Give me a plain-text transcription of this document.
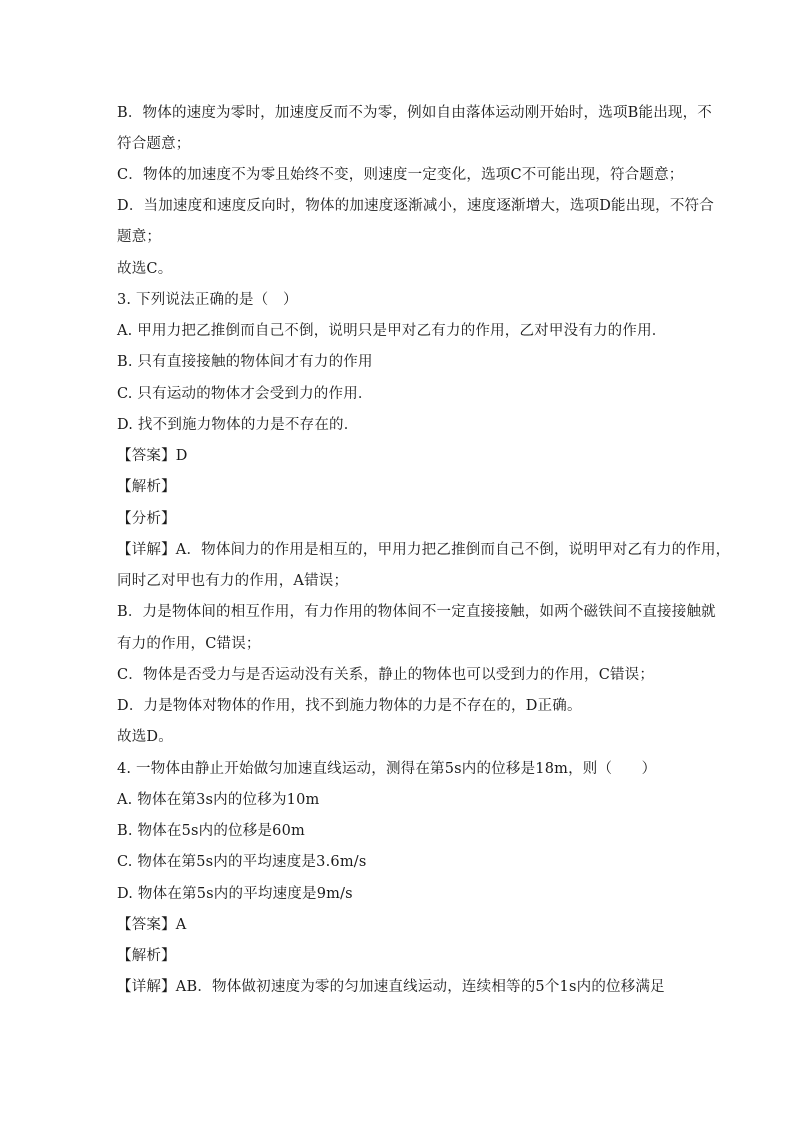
B．物体的速度为零时，加速度反而不为零，例如自由落体运动刚开始时，选项B能出现，不
符合题意；
C．物体的加速度不为零且始终不变，则速度一定变化，选项C不可能出现，符合题意；
D．当加速度和速度反向时，物体的加速度逐渐减小，速度逐渐增大，选项D能出现，不符合
题意；
故选C。
3. 下列说法正确的是（　）
A. 甲用力把乙推倒而自己不倒，说明只是甲对乙有力的作用，乙对甲没有力的作用．
B. 只有直接接触的物体间才有力的作用
C. 只有运动的物体才会受到力的作用．
D. 找不到施力物体的力是不存在的．
【答案】D
【解析】
【分析】
【详解】A．物体间力的作用是相互的，甲用力把乙推倒而自己不倒，说明甲对乙有力的作用，
同时乙对甲也有力的作用，A错误；
B．力是物体间的相互作用，有力作用的物体间不一定直接接触，如两个磁铁间不直接接触就
有力的作用，C错误；
C．物体是否受力与是否运动没有关系，静止的物体也可以受到力的作用，C错误；
D．力是物体对物体的作用，找不到施力物体的力是不存在的，D正确。
故选D。
4. 一物体由静止开始做匀加速直线运动，测得在第5s内的位移是18m，则（　　）
A. 物体在第3s内的位移为10m
B. 物体在5s内的位移是60m
C. 物体在第5s内的平均速度是3.6m/s
D. 物体在第5s内的平均速度是9m/s
【答案】A
【解析】
【详解】AB．物体做初速度为零的匀加速直线运动，连续相等的5个1s内的位移满足
